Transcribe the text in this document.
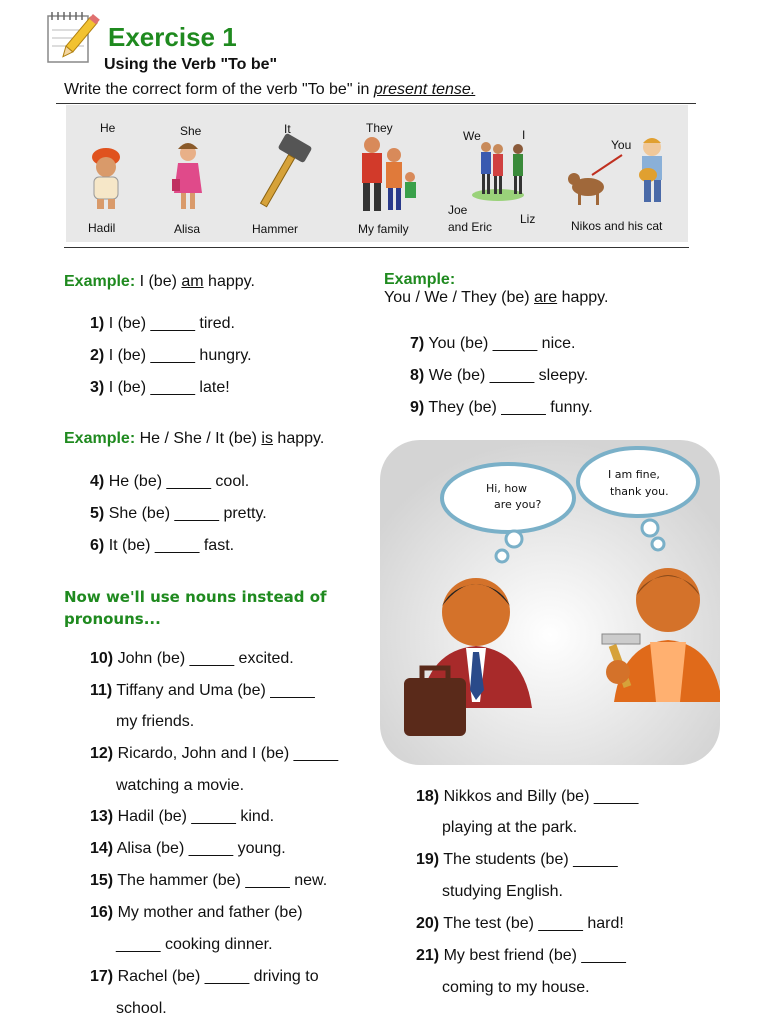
Exercise 1
Using the Verb "To be"
Write the correct form of the verb "To be" in present tense.
He	She	It	They
We	I
You
Hadil	Alisa	Hammer	My family
Joe
and Eric
Liz	Nikos and his cat
Example: I (be) am happy.
Example: He / She / It (be) is happy.
Example:
You / We / They (be) are happy.
Now we'll use nouns instead of
pronouns...
1) I (be) _____ tired.
2) I (be) _____ hungry.
3) I (be) _____ late!
4) He (be) _____ cool.
5) She (be) _____ pretty.
6) It (be) _____ fast.
10) John (be) _____ excited.
11) Tiffany and Uma (be) _____
my friends.
12) Ricardo, John and I (be) _____
watching a movie.
13) Hadil (be) _____ kind.
14) Alisa (be) _____ young.
15) The hammer (be) _____ new.
16) My mother and father (be)
_____ cooking dinner.
17) Rachel (be) _____ driving to
school.
7) You (be) _____ nice.
8) We (be) _____ sleepy.
9) They (be) _____ funny.
18) Nikkos and Billy (be) _____
playing at the park.
19) The students (be) _____
studying English.
20) The test (be) _____ hard!
21) My best friend (be) _____
coming to my house.
Hi, how
are you?
I am fine,
thank you.
